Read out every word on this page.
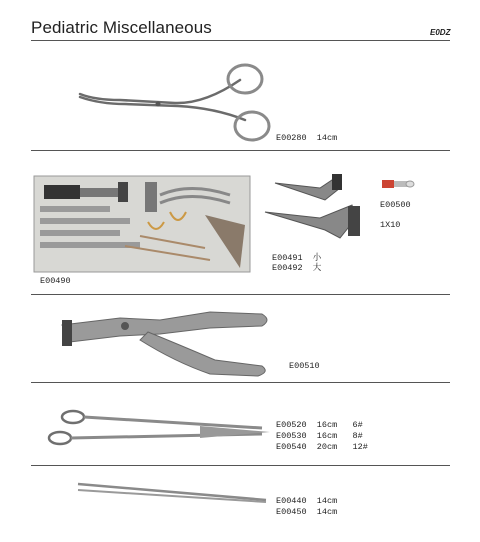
Pediatric Miscellaneous	E0DZ
E00280  14cm
E00490
E00491  小
E00492  大
E00500
1X10
E00510
E00520  16cm   6#
E00530  16cm   8#
E00540  20cm   12#
E00440  14cm
E00450  14cm
